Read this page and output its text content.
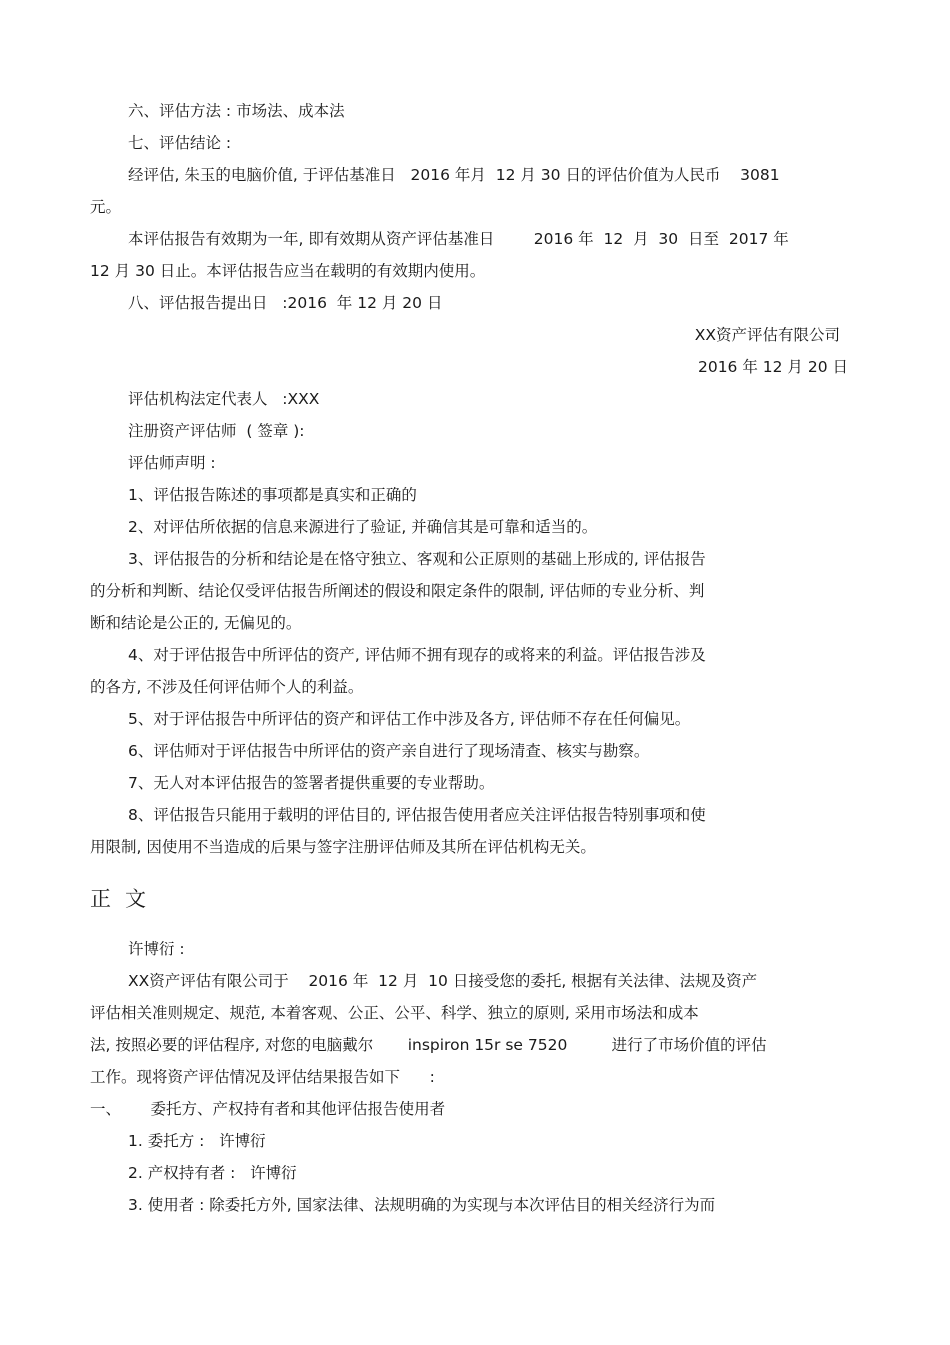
六、评估方法 : 市场法、成本法
七、评估结论 :
经评估, 朱玉的电脑价值, 于评估基准日   2016 年月  12 月 30 日的评估价值为人民币    3081
元。
本评估报告有效期为一年, 即有效期从资产评估基准日        2016 年  12  月  30  日至  2017 年
12 月 30 日止。本评估报告应当在载明的有效期内使用。
八、评估报告提出日   :2016  年 12 月 20 日
XX资产评估有限公司
2016 年 12 月 20 日
评估机构法定代表人   :XXX
注册资产评估师  ( 签章 ):
评估师声明 :
1、评估报告陈述的事项都是真实和正确的
2、对评估所依据的信息来源进行了验证, 并确信其是可靠和适当的。
3、评估报告的分析和结论是在恪守独立、客观和公正原则的基础上形成的, 评估报告
的分析和判断、结论仅受评估报告所阐述的假设和限定条件的限制, 评估师的专业分析、判
断和结论是公正的, 无偏见的。
4、对于评估报告中所评估的资产, 评估师不拥有现存的或将来的利益。评估报告涉及
的各方, 不涉及任何评估师个人的利益。
5、对于评估报告中所评估的资产和评估工作中涉及各方, 评估师不存在任何偏见。
6、评估师对于评估报告中所评估的资产亲自进行了现场清查、核实与勘察。
7、无人对本评估报告的签署者提供重要的专业帮助。
8、评估报告只能用于载明的评估目的, 评估报告使用者应关注评估报告特别事项和使
用限制, 因使用不当造成的后果与签字注册评估师及其所在评估机构无关。
正文
许博衍 :
XX资产评估有限公司于    2016 年  12 月  10 日接受您的委托, 根据有关法律、法规及资产
评估相关准则规定、规范, 本着客观、公正、公平、科学、独立的原则, 采用市场法和成本
法, 按照必要的评估程序, 对您的电脑戴尔       inspiron 15r se 7520         进行了市场价值的评估
工作。现将资产评估情况及评估结果报告如下      :
一、      委托方、产权持有者和其他评估报告使用者
1. 委托方 :   许博衍
2. 产权持有者 :   许博衍
3. 使用者 : 除委托方外, 国家法律、法规明确的为实现与本次评估目的相关经济行为而
